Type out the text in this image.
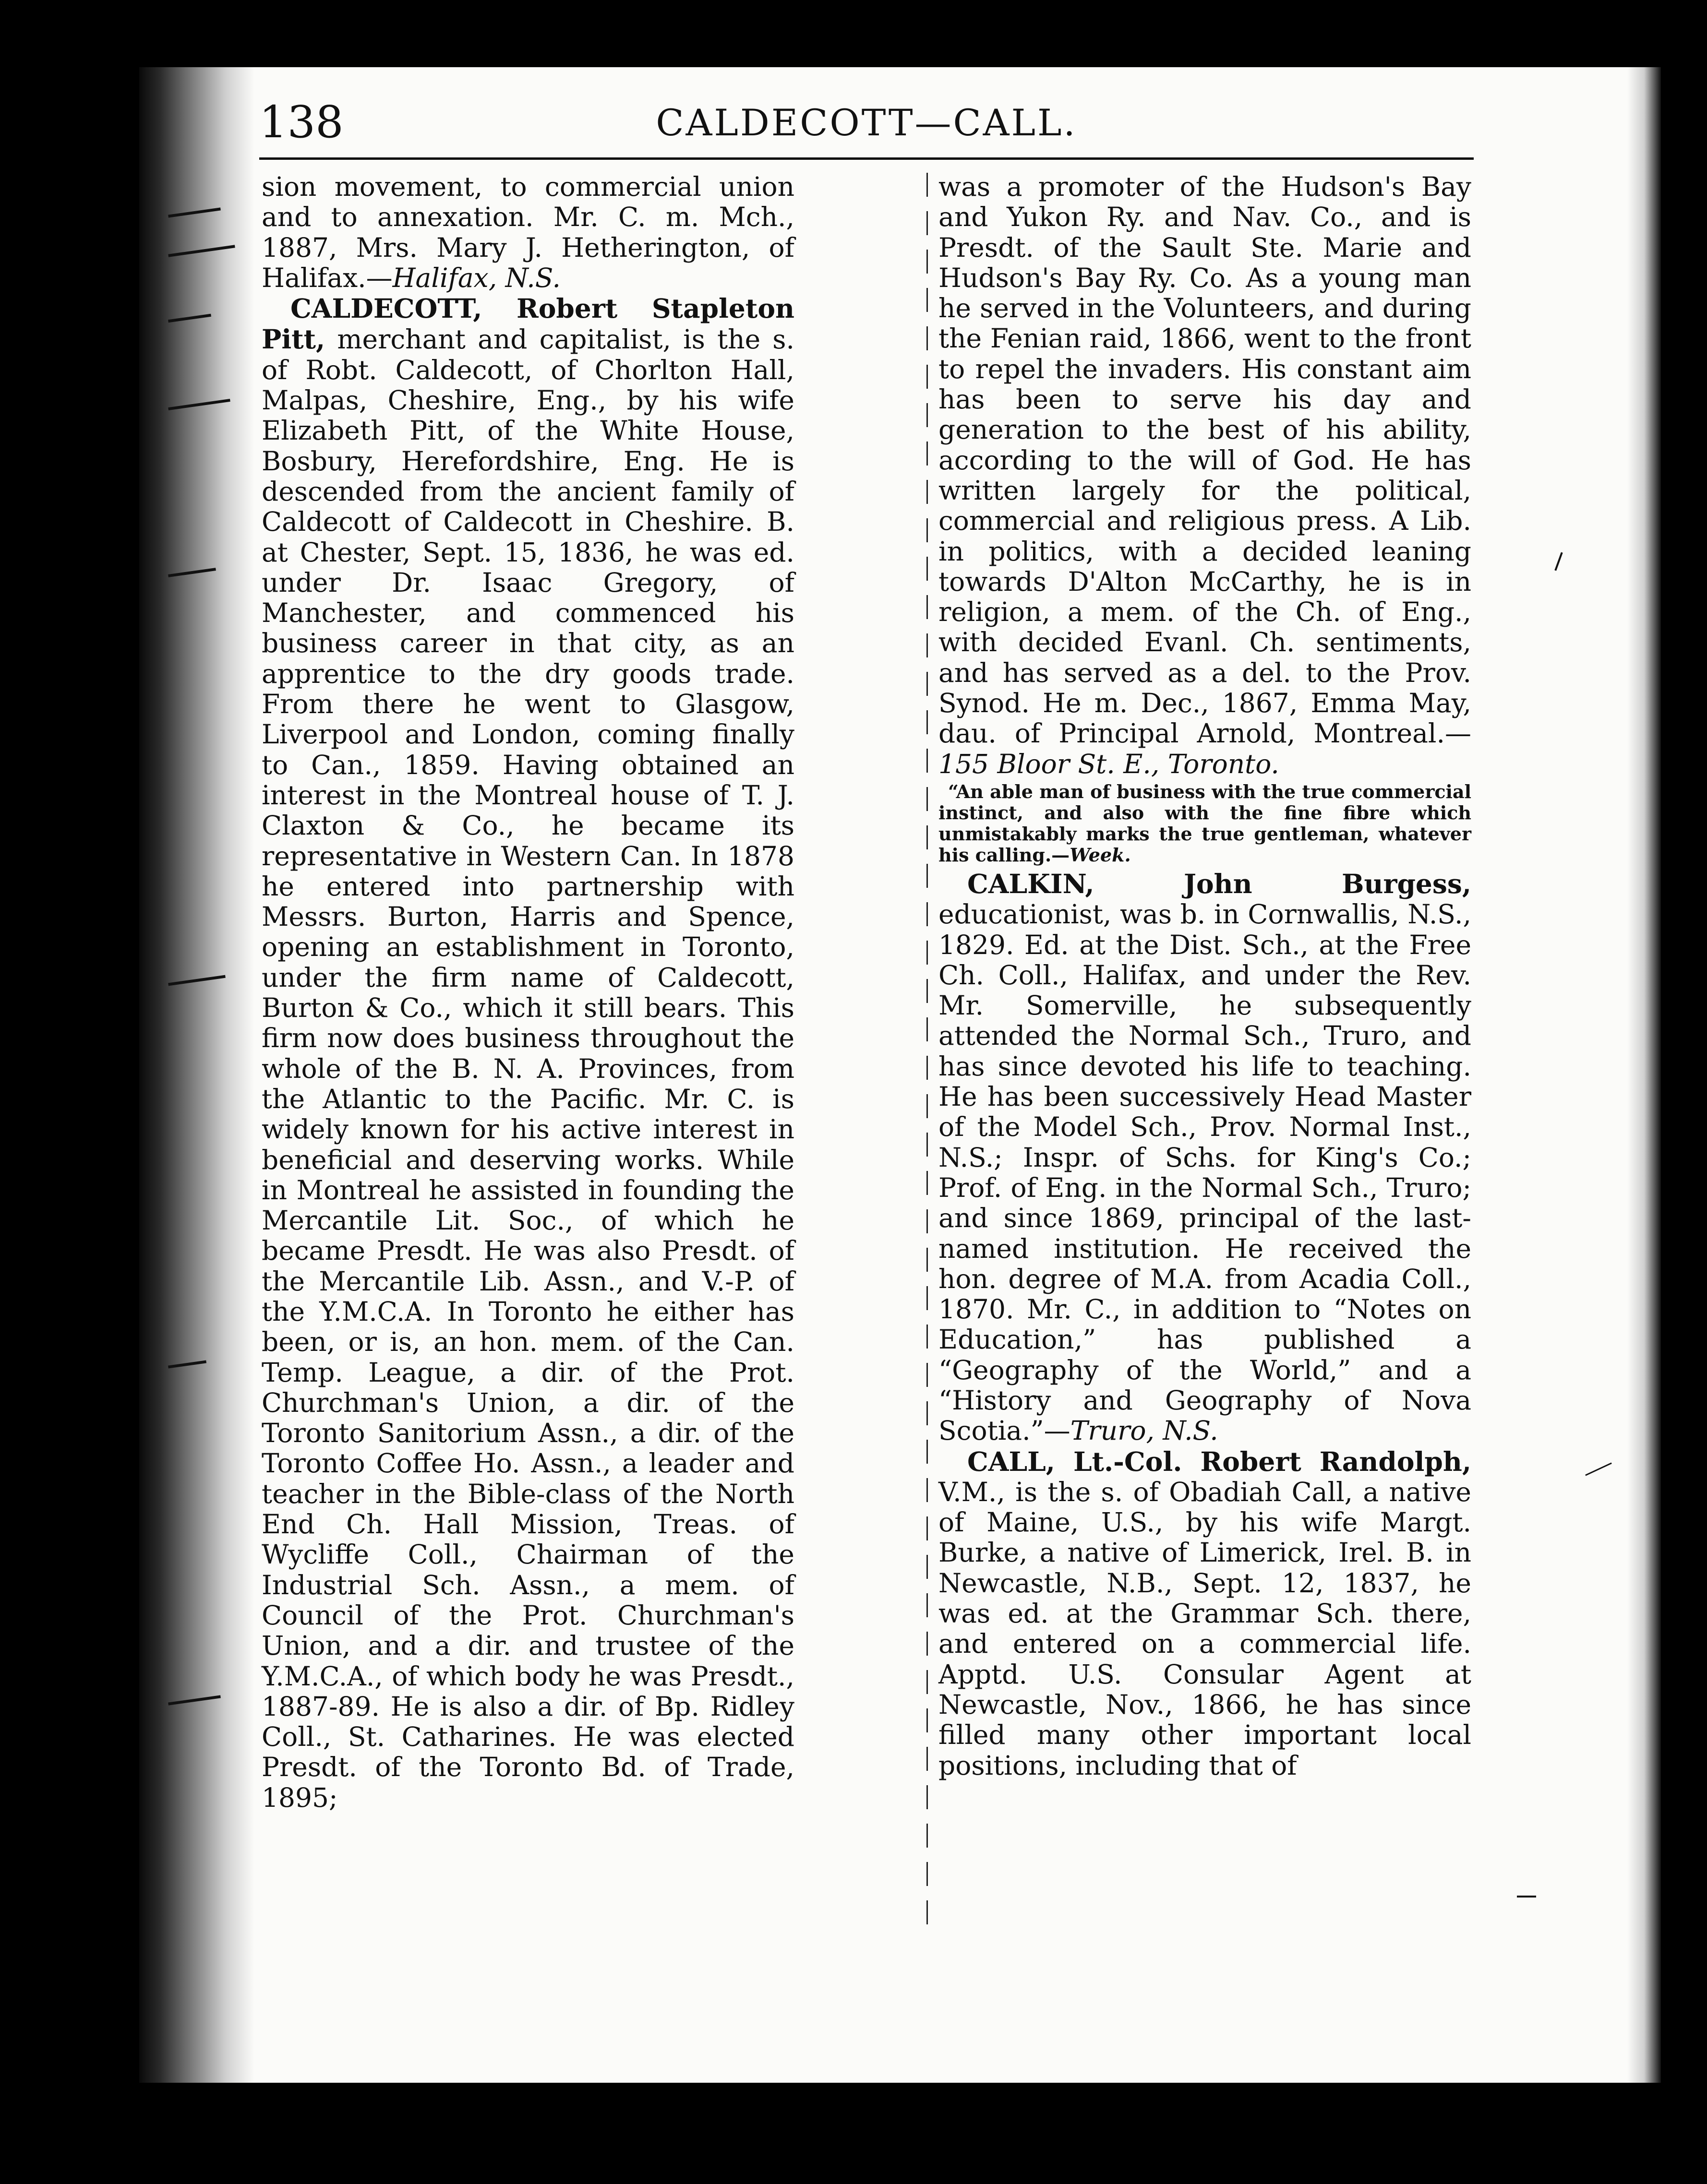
138	CALDECOTT—CALL.

sion movement, to commercial union and to annexation. Mr. C. m. Mch., 1887, Mrs. Mary J. Hetherington, of Halifax.—Halifax, N.S.

CALDECOTT, Robert Stapleton Pitt, merchant and capitalist, is the s. of Robt. Caldecott, of Chorlton Hall, Malpas, Cheshire, Eng., by his wife Elizabeth Pitt, of the White House, Bosbury, Herefordshire, Eng. He is descended from the ancient family of Caldecott of Caldecott in Cheshire. B. at Chester, Sept. 15, 1836, he was ed. under Dr. Isaac Gregory, of Manchester, and commenced his business career in that city, as an apprentice to the dry goods trade. From there he went to Glasgow, Liverpool and London, coming finally to Can., 1859. Having obtained an interest in the Montreal house of T. J. Claxton & Co., he became its representative in Western Can. In 1878 he entered into partnership with Messrs. Burton, Harris and Spence, opening an establishment in Toronto, under the firm name of Caldecott, Burton & Co., which it still bears. This firm now does business throughout the whole of the B. N. A. Provinces, from the Atlantic to the Pacific. Mr. C. is widely known for his active interest in beneficial and deserving works. While in Montreal he assisted in founding the Mercantile Lit. Soc., of which he became Presdt. He was also Presdt. of the Mercantile Lib. Assn., and V.-P. of the Y.M.C.A. In Toronto he either has been, or is, an hon. mem. of the Can. Temp. League, a dir. of the Prot. Churchman's Union, a dir. of the Toronto Sanitorium Assn., a dir. of the Toronto Coffee Ho. Assn., a leader and teacher in the Bible-class of the North End Ch. Hall Mission, Treas. of Wycliffe Coll., Chairman of the Industrial Sch. Assn., a mem. of Council of the Prot. Churchman's Union, and a dir. and trustee of the Y.M.C.A., of which body he was Presdt., 1887-89. He is also a dir. of Bp. Ridley Coll., St. Catharines. He was elected Presdt. of the Toronto Bd. of Trade, 1895;

was a promoter of the Hudson's Bay and Yukon Ry. and Nav. Co., and is Presdt. of the Sault Ste. Marie and Hudson's Bay Ry. Co. As a young man he served in the Volunteers, and during the Fenian raid, 1866, went to the front to repel the invaders. His constant aim has been to serve his day and generation to the best of his ability, according to the will of God. He has written largely for the political, commercial and religious press. A Lib. in politics, with a decided leaning towards D'Alton McCarthy, he is in religion, a mem. of the Ch. of Eng., with decided Evanl. Ch. sentiments, and has served as a del. to the Prov. Synod. He m. Dec., 1867, Emma May, dau. of Principal Arnold, Montreal.—155 Bloor St. E., Toronto.

“An able man of business with the true commercial instinct, and also with the fine fibre which unmistakably marks the true gentleman, whatever his calling.—Week.

CALKIN, John Burgess, educationist, was b. in Cornwallis, N.S., 1829. Ed. at the Dist. Sch., at the Free Ch. Coll., Halifax, and under the Rev. Mr. Somerville, he subsequently attended the Normal Sch., Truro, and has since devoted his life to teaching. He has been successively Head Master of the Model Sch., Prov. Normal Inst., N.S.; Inspr. of Schs. for King's Co.; Prof. of Eng. in the Normal Sch., Truro; and since 1869, principal of the last-named institution. He received the hon. degree of M.A. from Acadia Coll., 1870. Mr. C., in addition to “Notes on Education,” has published a “Geography of the World,” and a “History and Geography of Nova Scotia.”—Truro, N.S.

CALL, Lt.-Col. Robert Randolph, V.M., is the s. of Obadiah Call, a native of Maine, U.S., by his wife Margt. Burke, a native of Limerick, Irel. B. in Newcastle, N.B., Sept. 12, 1837, he was ed. at the Grammar Sch. there, and entered on a commercial life. Apptd. U.S. Consular Agent at Newcastle, Nov., 1866, he has since filled many other important local positions, including that of
